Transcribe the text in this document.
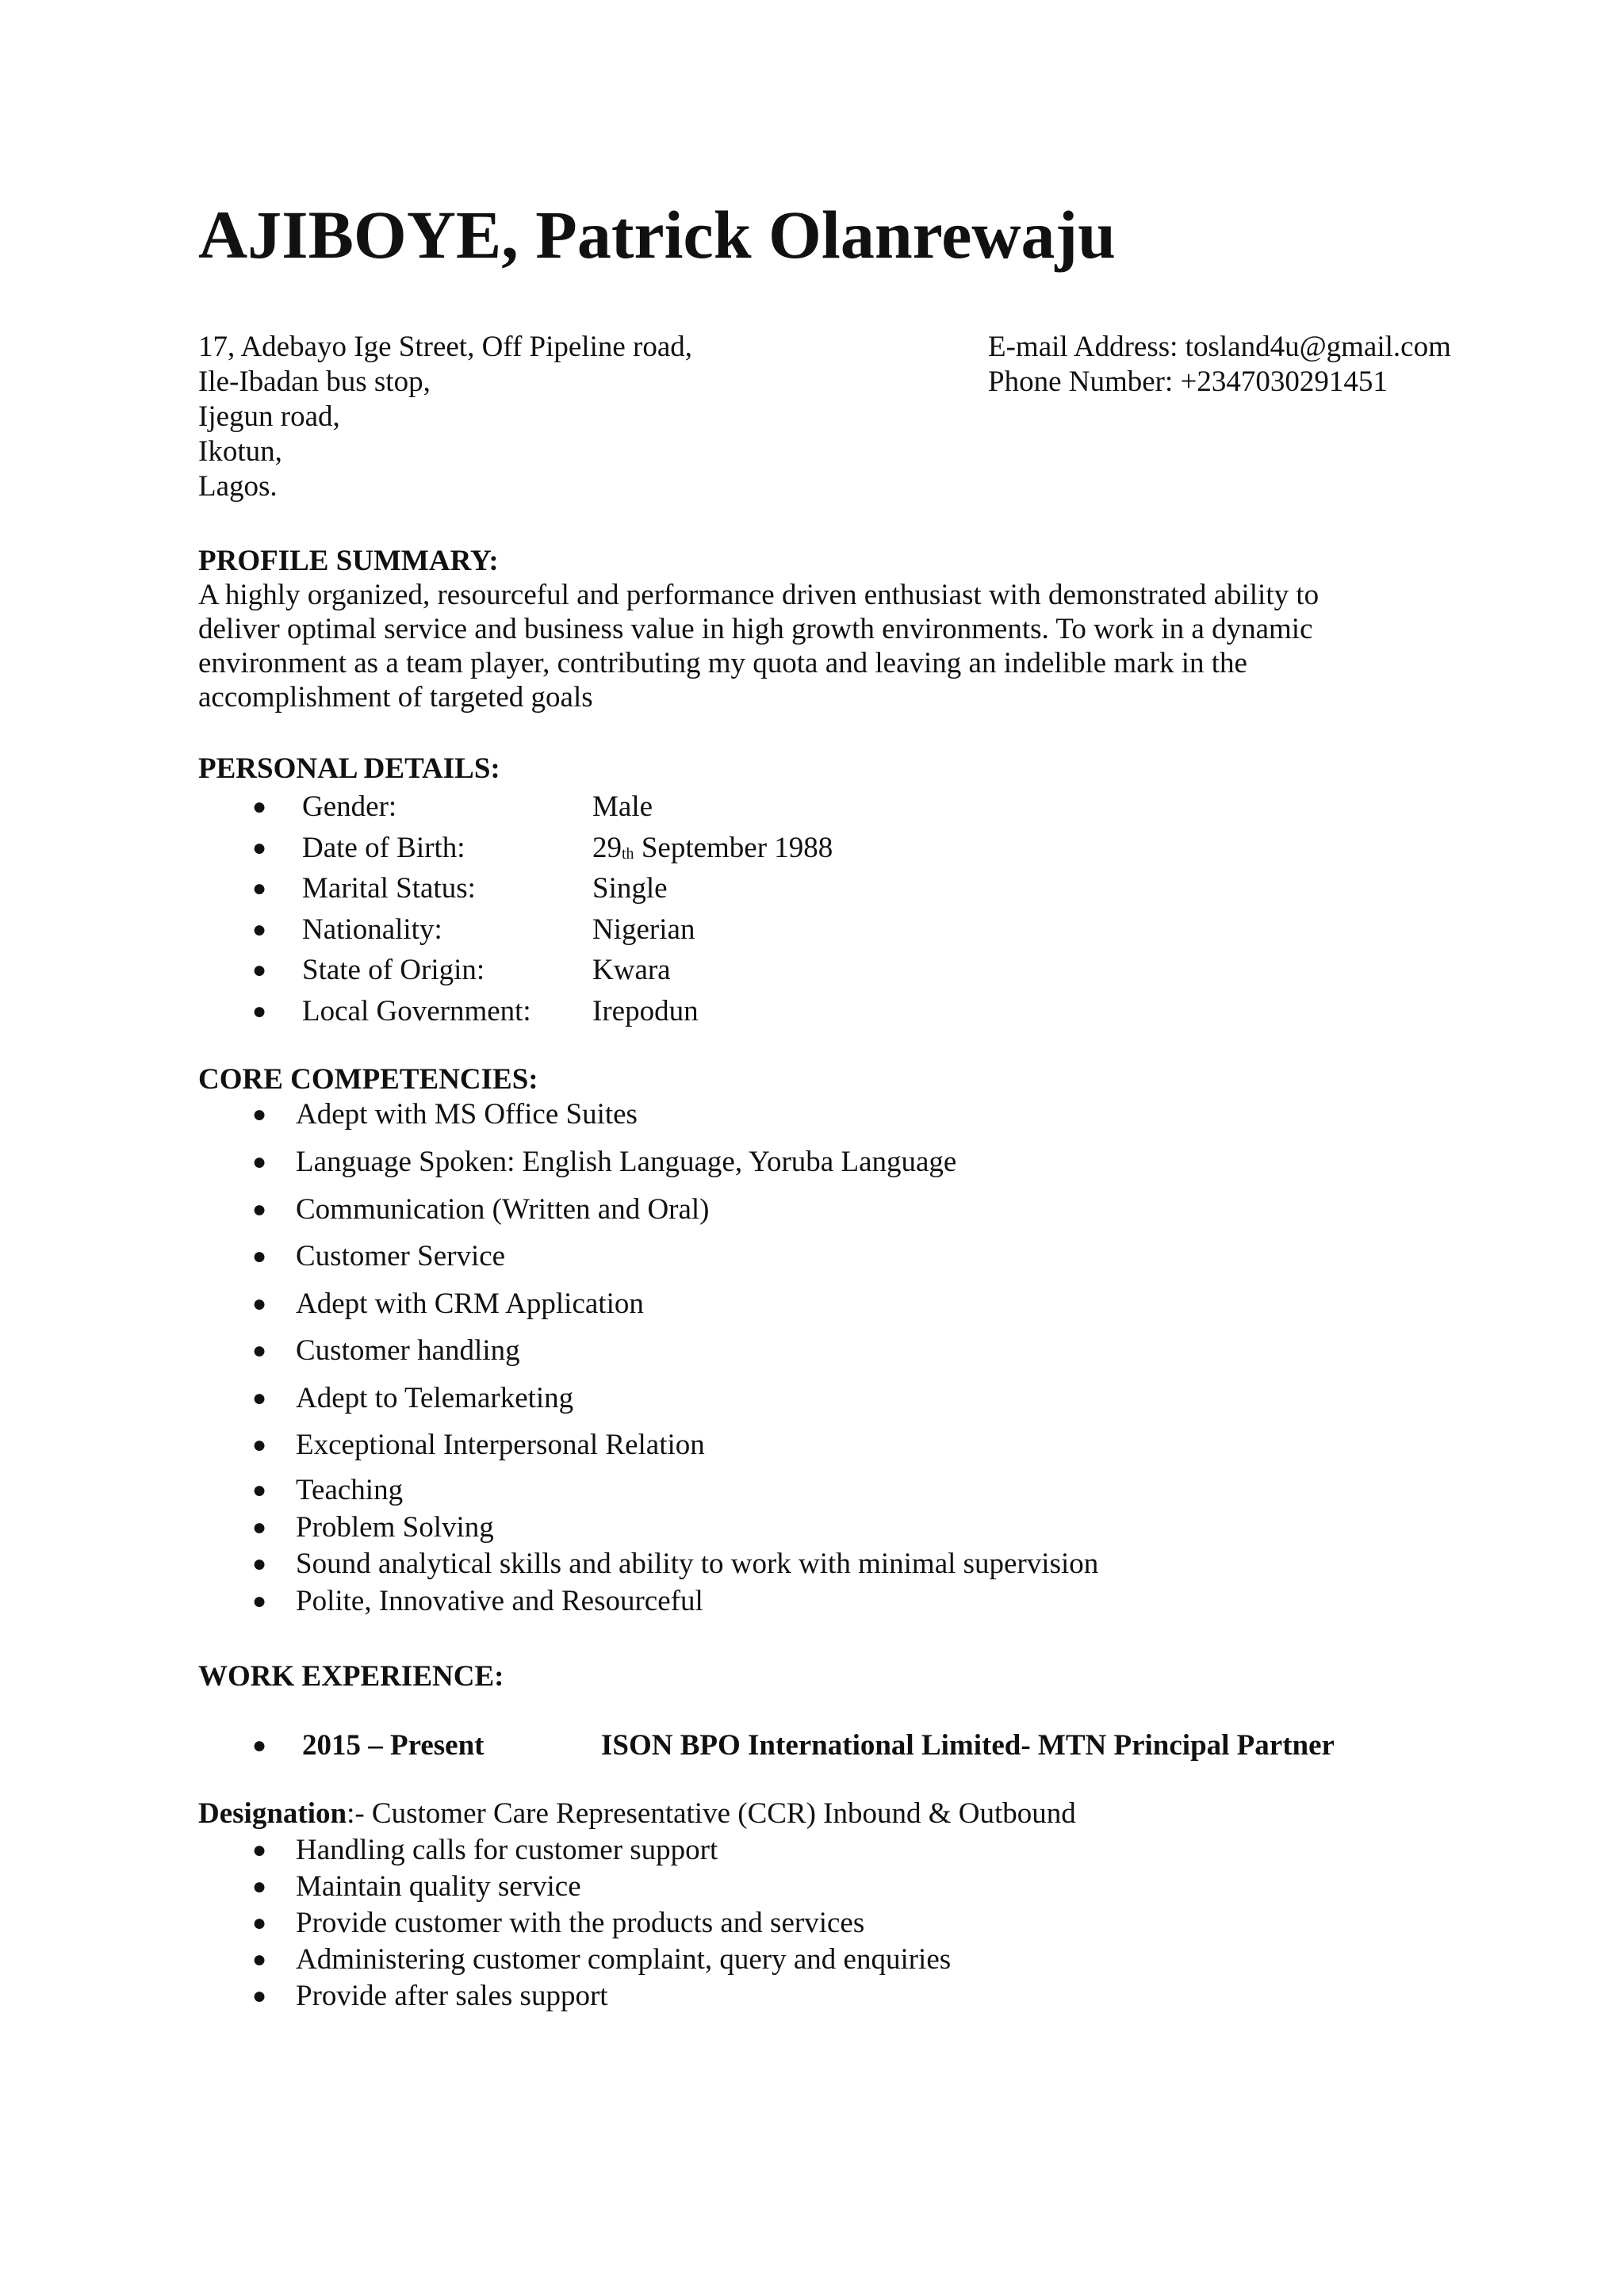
AJIBOYE, Patrick Olanrewaju
17, Adebayo Ige Street, Off Pipeline road,
Ile-Ibadan bus stop,
Ijegun road,
Ikotun,
Lagos.
E-mail Address: tosland4u@gmail.com
Phone Number: +2347030291451
PROFILE SUMMARY:
A highly organized, resourceful and performance driven enthusiast with demonstrated ability to
deliver optimal service and business value in high growth environments. To work in a dynamic
environment as a team player, contributing my quota and leaving an indelible mark in the
accomplishment of targeted goals
PERSONAL DETAILS:
● Gender:	Male
● Date of Birth:	$29_{th}$ September 1988
● Marital Status:	Single
● Nationality:	Nigerian
● State of Origin:	Kwara
● Local Government: Irepodun
CORE COMPETENCIES:
● Adept with MS Office Suites
● Language Spoken: English Language, Yoruba Language
● Communication (Written and Oral)
● Customer Service
● Adept with CRM Application
● Customer handling
● Adept to Telemarketing
● Exceptional Interpersonal Relation
● Teaching
● Problem Solving
● Sound analytical skills and ability to work with minimal supervision
● Polite, Innovative and Resourceful
WORK EXPERIENCE:
● 2015 – Present	ISON BPO International Limited- MTN Principal Partner
Designation:- Customer Care Representative (CCR) Inbound & Outbound
● Handling calls for customer support
● Maintain quality service
● Provide customer with the products and services
● Administering customer complaint, query and enquiries
● Provide after sales support
